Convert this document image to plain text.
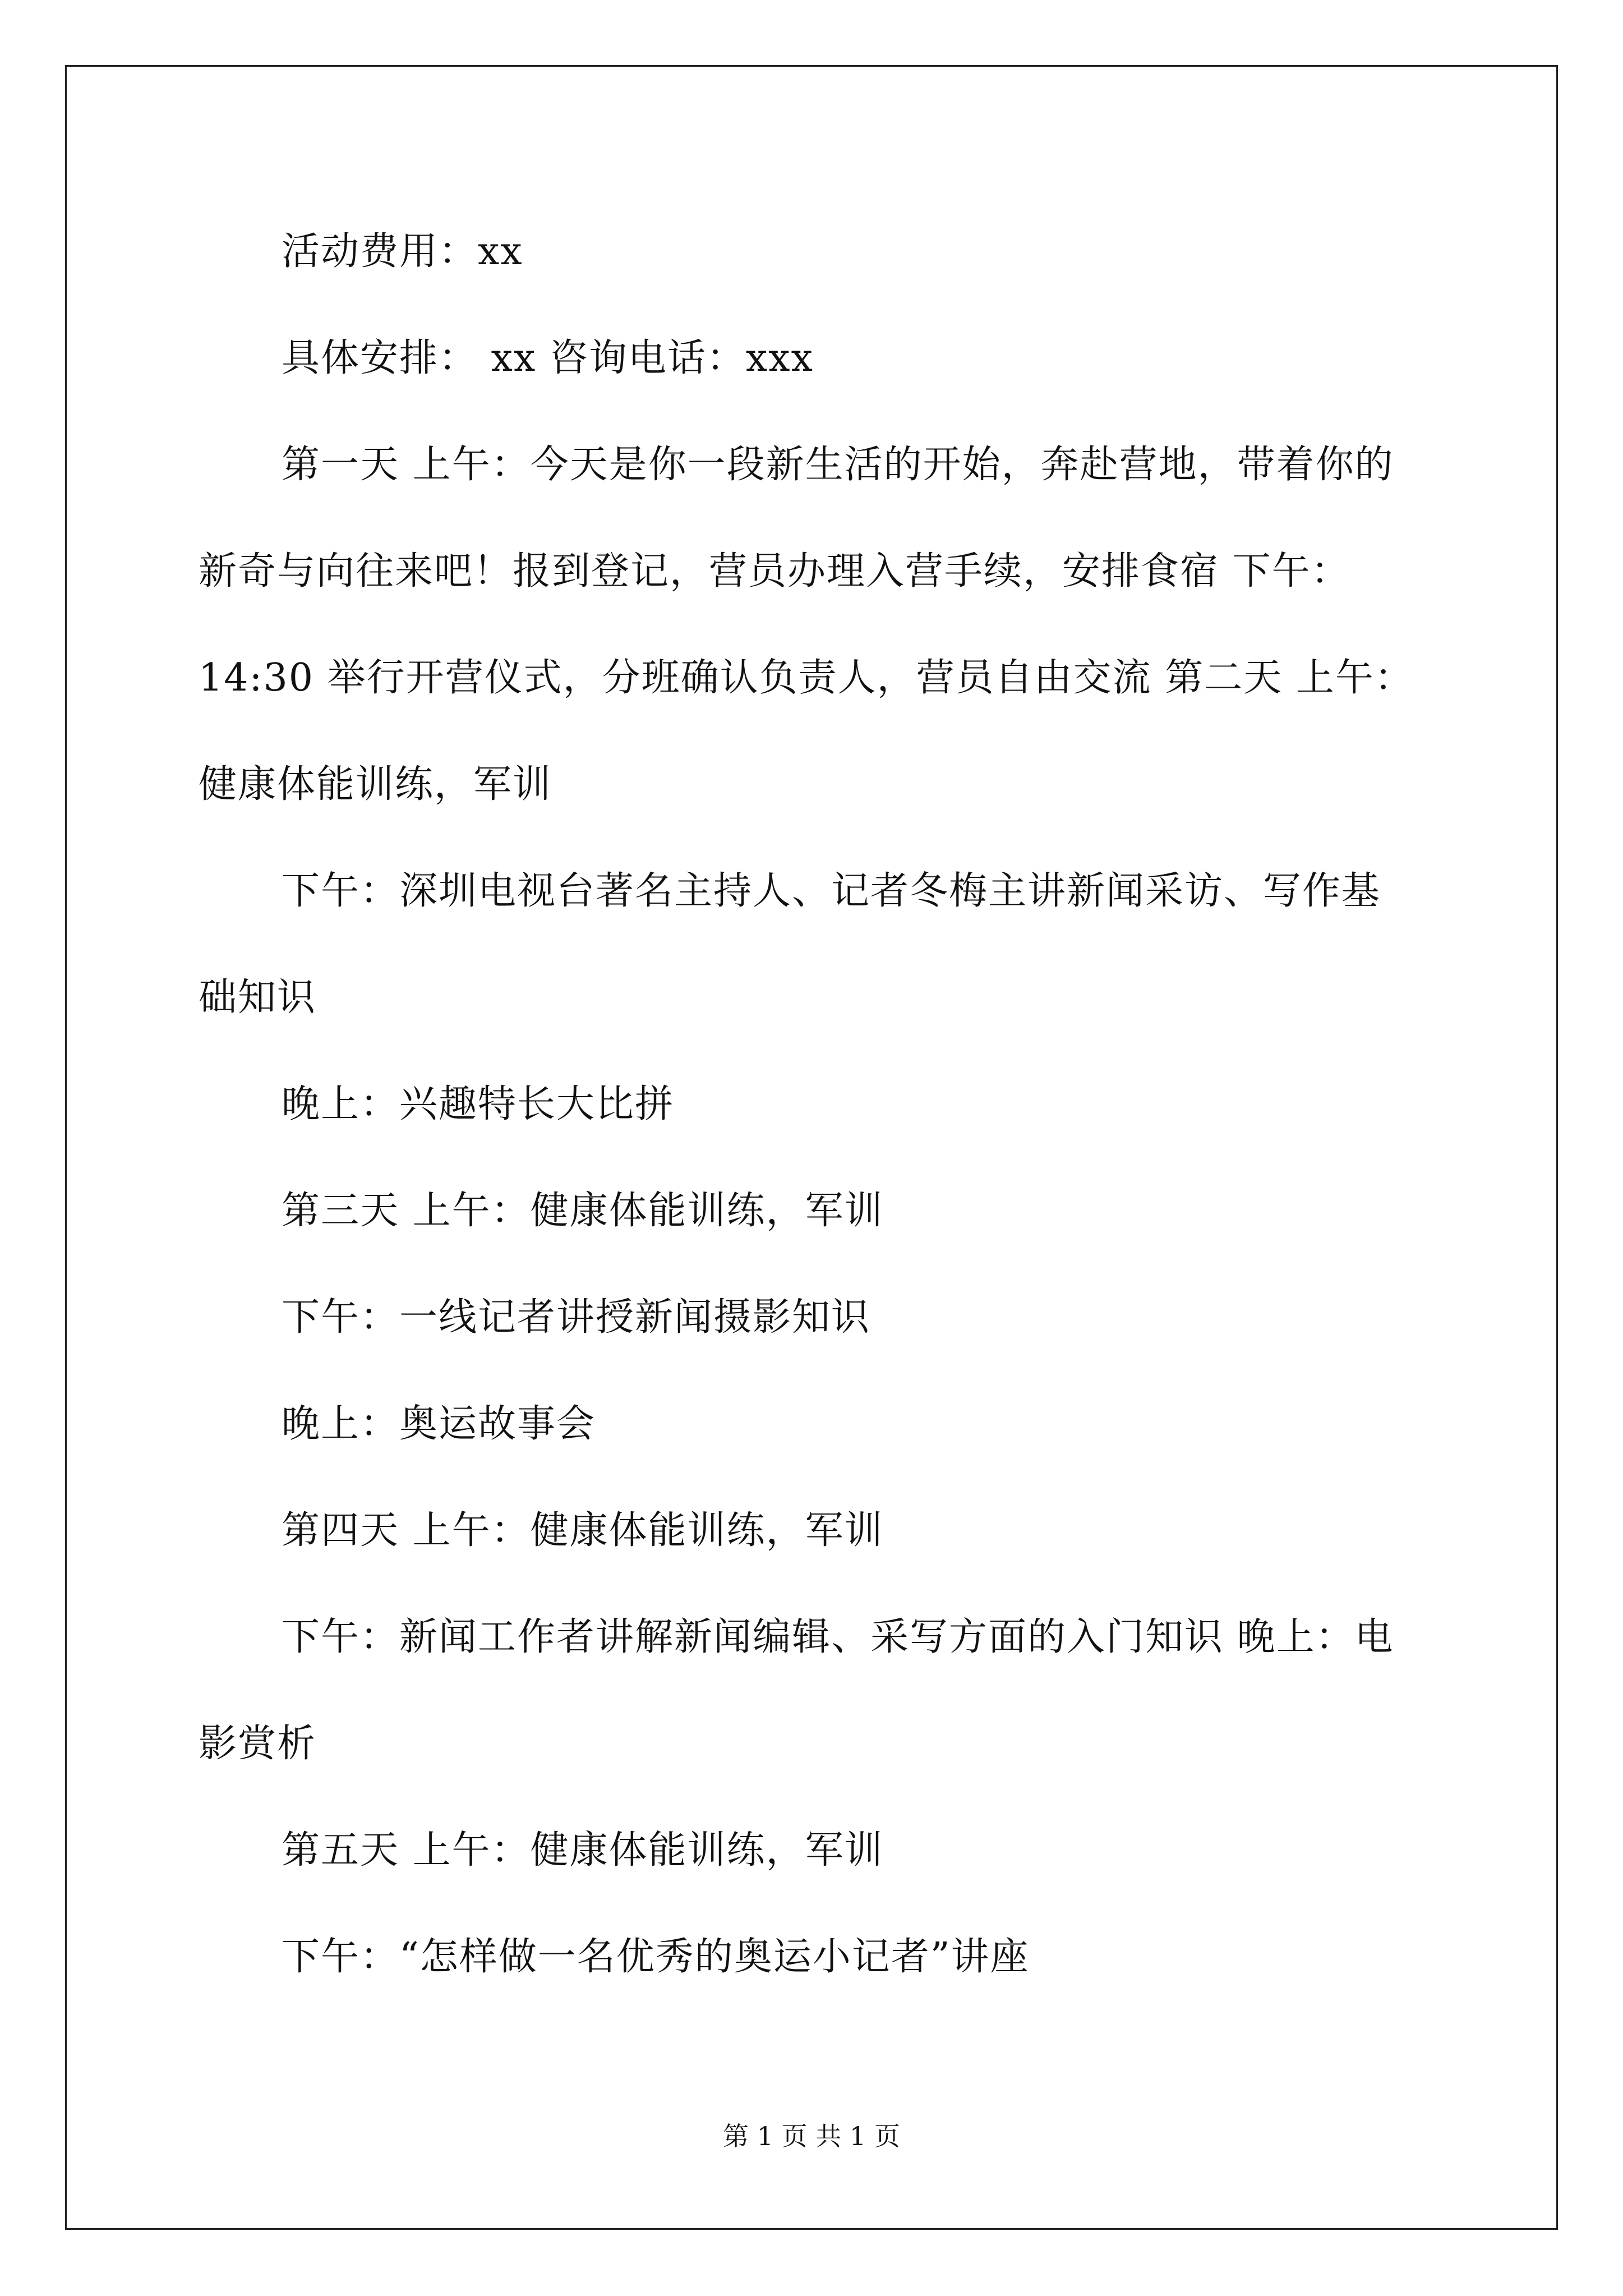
活动费用：xx
具体安排： xx 咨询电话：xxx
第一天 上午：今天是你一段新生活的开始，奔赴营地，带着你的
新奇与向往来吧！报到登记，营员办理入营手续，安排食宿 下午：
14:30 举行开营仪式，分班确认负责人，营员自由交流 第二天 上午：
健康体能训练，军训
下午：深圳电视台著名主持人、记者冬梅主讲新闻采访、写作基
础知识
晚上：兴趣特长大比拼
第三天 上午：健康体能训练，军训
下午：一线记者讲授新闻摄影知识
晚上：奥运故事会
第四天 上午：健康体能训练，军训
下午：新闻工作者讲解新闻编辑、采写方面的入门知识 晚上：电
影赏析
第五天 上午：健康体能训练，军训
下午：“怎样做一名优秀的奥运小记者”讲座
第 1 页 共 1 页
